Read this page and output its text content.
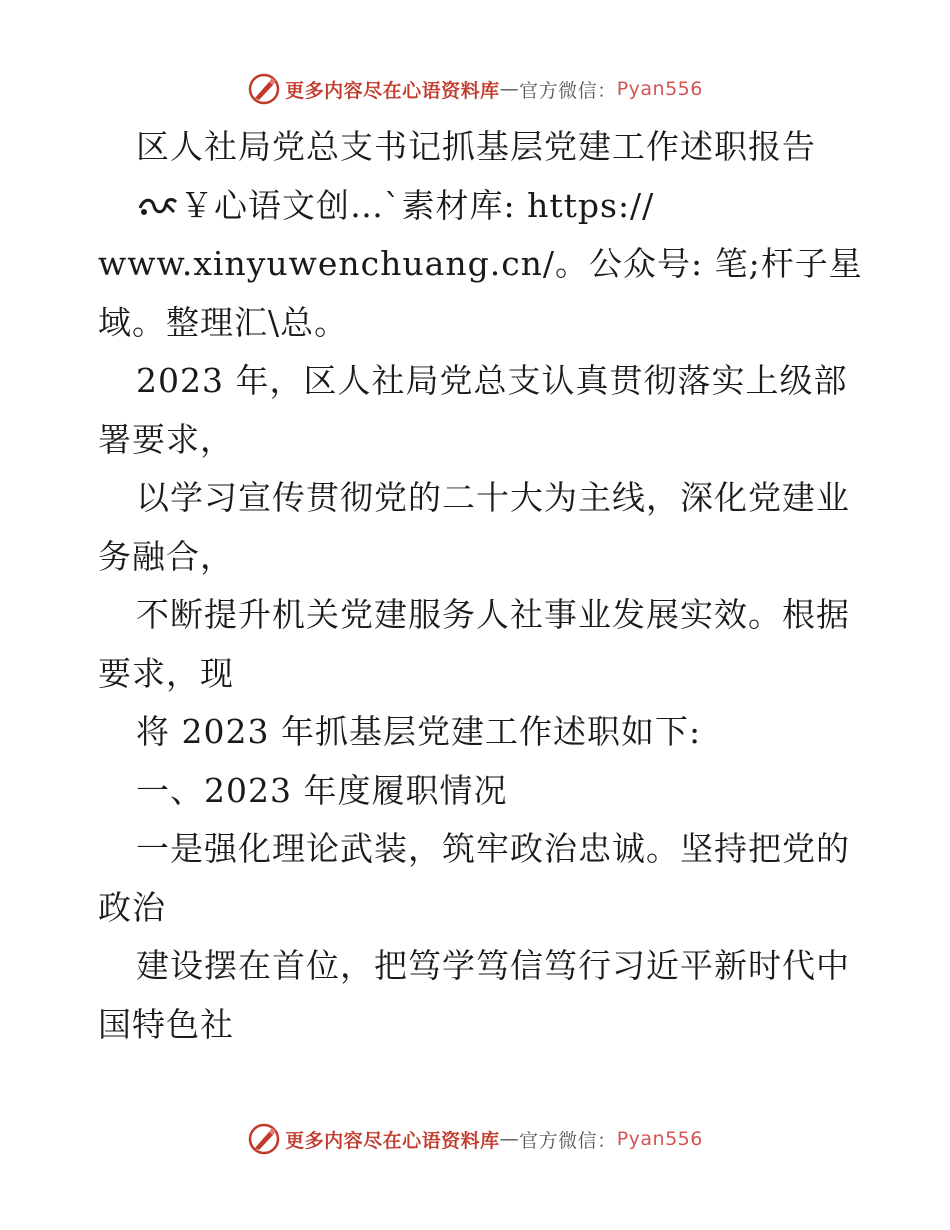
更多内容尽在心语资料库 — 官方微信： Pyan556
区人社局党总支书记抓基层党建工作述职报告
￥心语文创…`素材库: https://
www.xinyuwenchuang.cn/。公众号: 笔;杆子星
域。整理汇\总。
2023 年，区人社局党总支认真贯彻落实上级部
署要求，
以学习宣传贯彻党的二十大为主线，深化党建业
务融合，
不断提升机关党建服务人社事业发展实效。根据
要求，现
将 2023 年抓基层党建工作述职如下:
一、2023 年度履职情况
一是强化理论武装，筑牢政治忠诚。坚持把党的
政治
建设摆在首位，把笃学笃信笃行习近平新时代中
国特色社
更多内容尽在心语资料库 — 官方微信： Pyan556
